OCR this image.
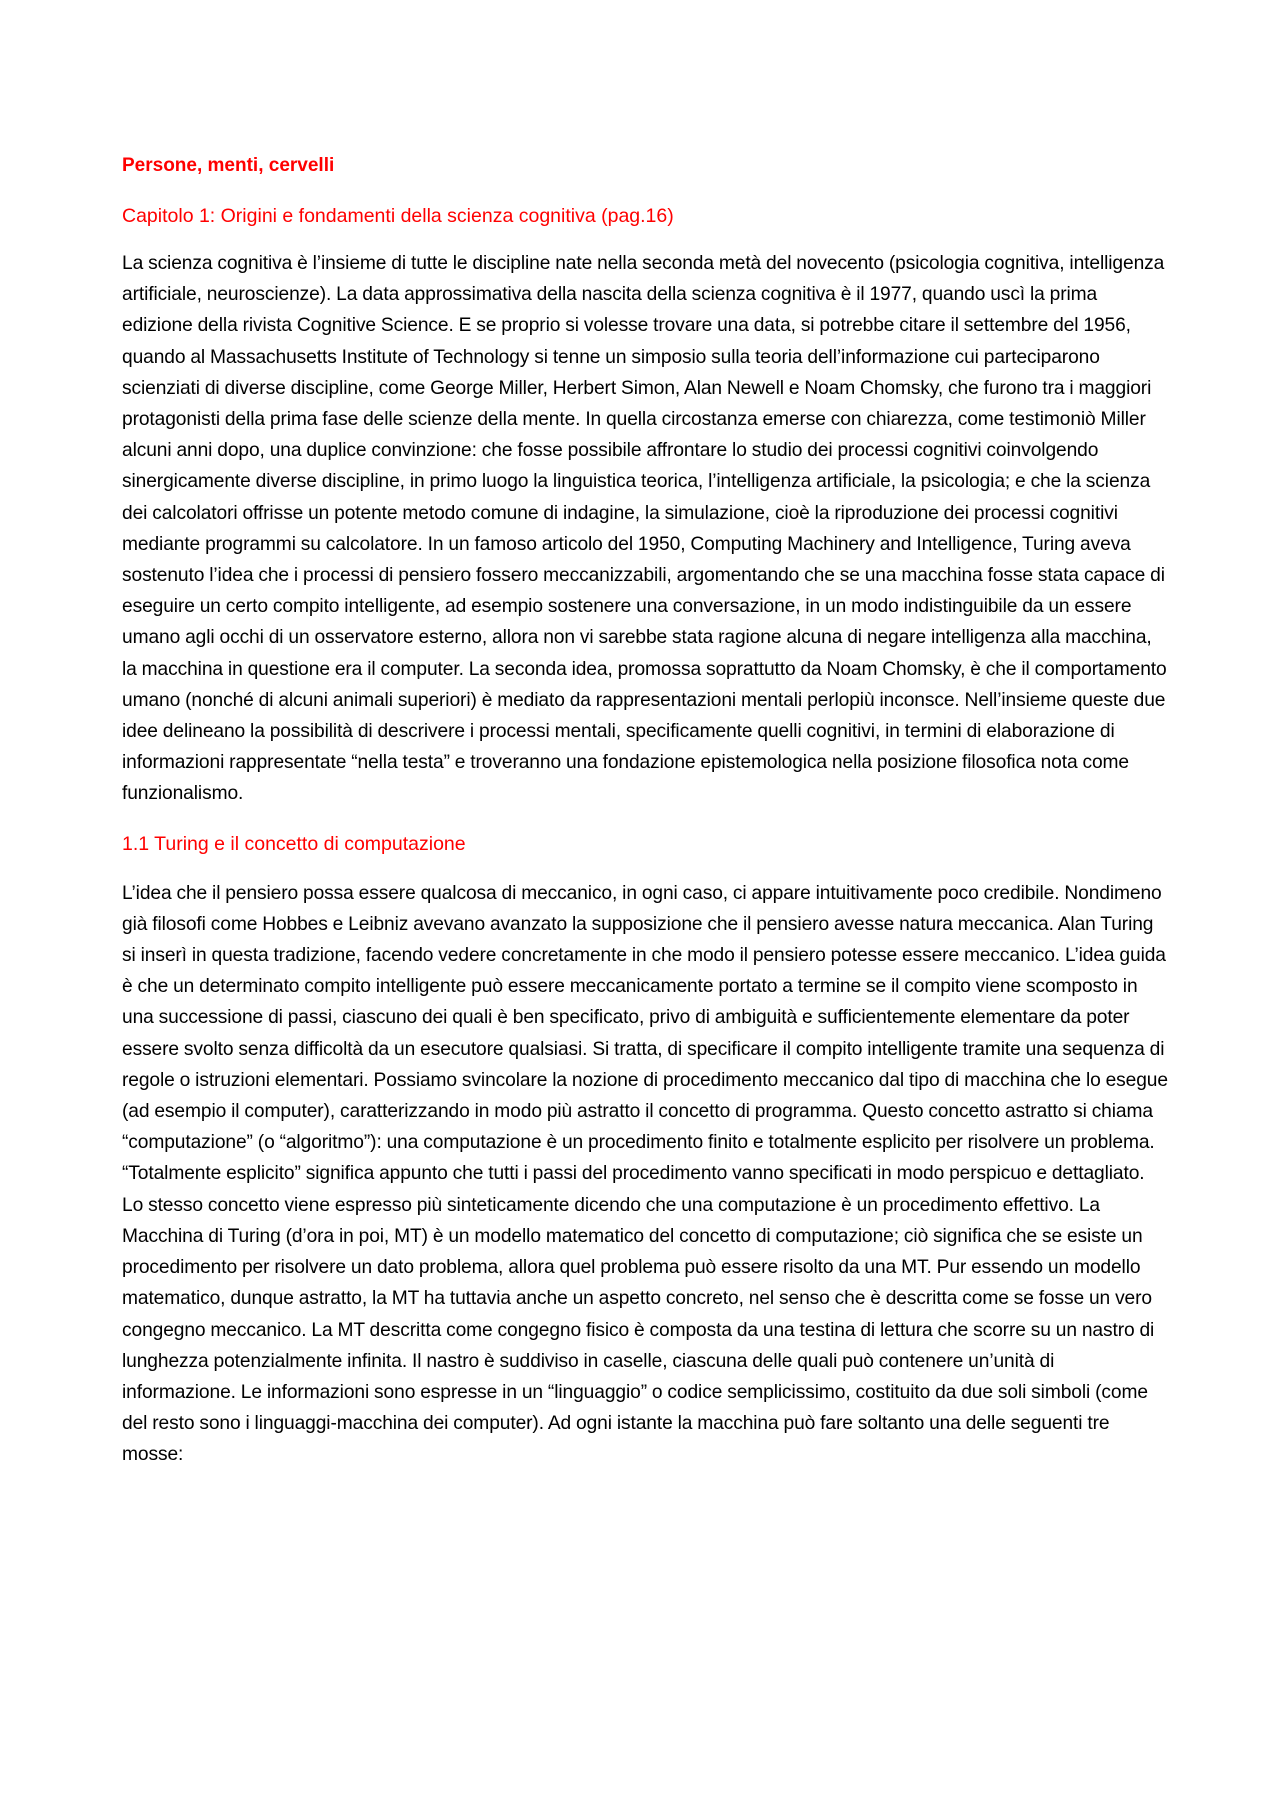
Persone, menti, cervelli
Capitolo 1: Origini e fondamenti della scienza cognitiva (pag.16)

La scienza cognitiva è l’insieme di tutte le discipline nate nella seconda metà del novecento (psicologia cognitiva, intelligenza artificiale, neuroscienze). La data approssimativa della nascita della scienza cognitiva è il 1977, quando uscì la prima edizione della rivista Cognitive Science. E se proprio si volesse trovare una data, si potrebbe citare il settembre del 1956, quando al Massachusetts Institute of Technology si tenne un simposio sulla teoria dell’informazione cui parteciparono scienziati di diverse discipline, come George Miller, Herbert Simon, Alan Newell e Noam Chomsky, che furono tra i maggiori protagonisti della prima fase delle scienze della mente. In quella circostanza emerse con chiarezza, come testimoniò Miller alcuni anni dopo, una duplice convinzione: che fosse possibile affrontare lo studio dei processi cognitivi coinvolgendo sinergicamente diverse discipline, in primo luogo la linguistica teorica, l’intelligenza artificiale, la psicologia; e che la scienza dei calcolatori offrisse un potente metodo comune di indagine, la simulazione, cioè la riproduzione dei processi cognitivi mediante programmi su calcolatore. In un famoso articolo del 1950, Computing Machinery and Intelligence, Turing aveva sostenuto l’idea che i processi di pensiero fossero meccanizzabili, argomentando che se una macchina fosse stata capace di eseguire un certo compito intelligente, ad esempio sostenere una conversazione, in un modo indistinguibile da un essere umano agli occhi di un osservatore esterno, allora non vi sarebbe stata ragione alcuna di negare intelligenza alla macchina, la macchina in questione era il computer. La seconda idea, promossa soprattutto da Noam Chomsky, è che il comportamento umano (nonché di alcuni animali superiori) è mediato da rappresentazioni mentali perlopiù inconsce. Nell’insieme queste due idee delineano la possibilità di descrivere i processi mentali, specificamente quelli cognitivi, in termini di elaborazione di informazioni rappresentate “nella testa” e troveranno una fondazione epistemologica nella posizione filosofica nota come funzionalismo.

1.1 Turing e il concetto di computazione

L’idea che il pensiero possa essere qualcosa di meccanico, in ogni caso, ci appare intuitivamente poco credibile. Nondimeno già filosofi come Hobbes e Leibniz avevano avanzato la supposizione che il pensiero avesse natura meccanica. Alan Turing si inserì in questa tradizione, facendo vedere concretamente in che modo il pensiero potesse essere meccanico. L’idea guida è che un determinato compito intelligente può essere meccanicamente portato a termine se il compito viene scomposto in una successione di passi, ciascuno dei quali è ben specificato, privo di ambiguità e sufficientemente elementare da poter essere svolto senza difficoltà da un esecutore qualsiasi. Si tratta, di specificare il compito intelligente tramite una sequenza di regole o istruzioni elementari. Possiamo svincolare la nozione di procedimento meccanico dal tipo di macchina che lo esegue (ad esempio il computer), caratterizzando in modo più astratto il concetto di programma. Questo concetto astratto si chiama “computazione” (o “algoritmo”): una computazione è un procedimento finito e totalmente esplicito per risolvere un problema. “Totalmente esplicito” significa appunto che tutti i passi del procedimento vanno specificati in modo perspicuo e dettagliato. Lo stesso concetto viene espresso più sinteticamente dicendo che una computazione è un procedimento effettivo. La Macchina di Turing (d’ora in poi, MT) è un modello matematico del concetto di computazione; ciò significa che se esiste un procedimento per risolvere un dato problema, allora quel problema può essere risolto da una MT. Pur essendo un modello matematico, dunque astratto, la MT ha tuttavia anche un aspetto concreto, nel senso che è descritta come se fosse un vero congegno meccanico. La MT descritta come congegno fisico è composta da una testina di lettura che scorre su un nastro di lunghezza potenzialmente infinita. Il nastro è suddiviso in caselle, ciascuna delle quali può contenere un’unità di informazione. Le informazioni sono espresse in un “linguaggio” o codice semplicissimo, costituito da due soli simboli (come del resto sono i linguaggi-macchina dei computer). Ad ogni istante la macchina può fare soltanto una delle seguenti tre mosse:
